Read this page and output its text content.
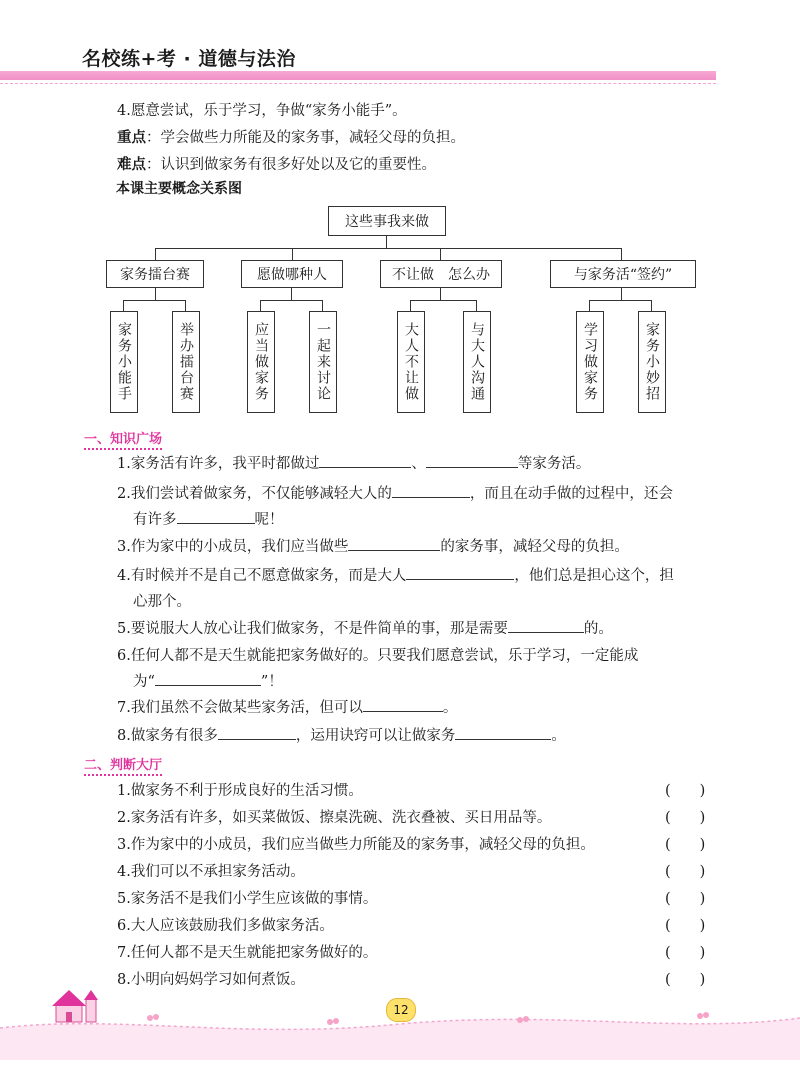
名校练+考 · 道德与法治
4.愿意尝试，乐于学习，争做“家务小能手”。
重点：学会做些力所能及的家务事，减轻父母的负担。
难点：认识到做家务有很多好处以及它的重要性。
本课主要概念关系图
这些事我来做
家务擂台赛	愿做哪种人	不让做　怎么办	与家务活“签约”
家务小能手	举办擂台赛	应当做家务	一起来讨论	大人不让做	与大人沟通	学习做家务	家务小妙招
一、知识广场
1.家务活有许多，我平时都做过	、	等家务活。
2.我们尝试着做家务，不仅能够减轻大人的	，而且在动手做的过程中，还会
有许多	呢！
3.作为家中的小成员，我们应当做些	的家务事，减轻父母的负担。
4.有时候并不是自己不愿意做家务，而是大人	，他们总是担心这个，担
心那个。
5.要说服大人放心让我们做家务，不是件简单的事，那是需要	的。
6.任何人都不是天生就能把家务做好的。只要我们愿意尝试，乐于学习，一定能成
为“	”！
7.我们虽然不会做某些家务活，但可以	。
8.做家务有很多	，运用诀窍可以让做家务	。
二、判断大厅
1.做家务不利于形成良好的生活习惯。	(　　)
2.家务活有许多，如买菜做饭、擦桌洗碗、洗衣叠被、买日用品等。	(　　)
3.作为家中的小成员，我们应当做些力所能及的家务事，减轻父母的负担。	(　　)
4.我们可以不承担家务活动。	(　　)
5.家务活不是我们小学生应该做的事情。	(　　)
6.大人应该鼓励我们多做家务活。	(　　)
7.任何人都不是天生就能把家务做好的。	(　　)
8.小明向妈妈学习如何煮饭。	(　　)
12
